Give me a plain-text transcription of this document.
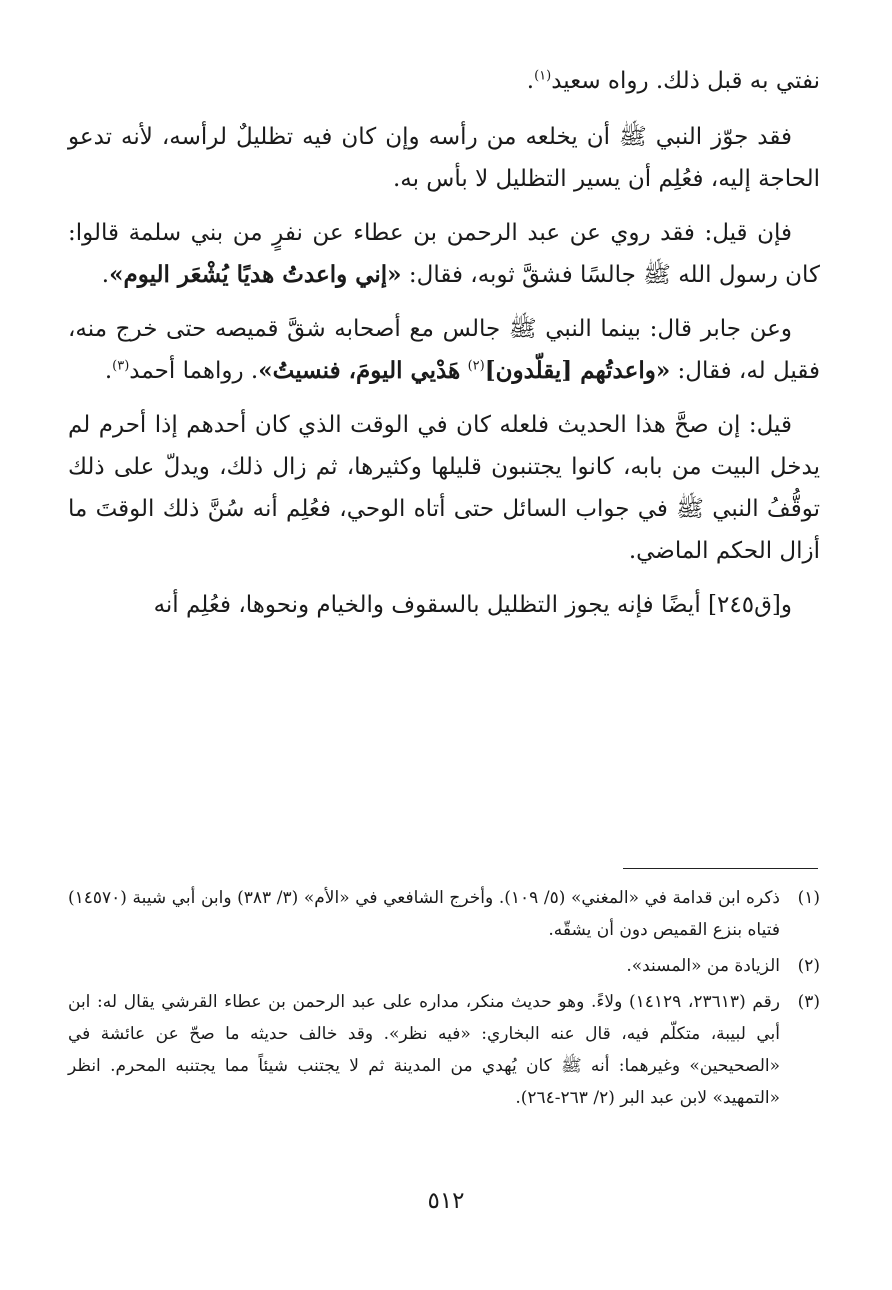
نفتي به قبل ذلك. رواه سعيد$^{(١)}$.

فقد جوّز النبي ﷺ أن يخلعه من رأسه وإن كان فيه تظليلٌ لرأسه، لأنه تدعو الحاجة إليه، فعُلِم أن يسير التظليل لا بأس به.

فإن قيل: فقد روي عن عبد الرحمن بن عطاء عن نفرٍ من بني سلمة قالوا: كان رسول الله ﷺ جالسًا فشقَّ ثوبه، فقال: «إني واعدتُ هديًا يُشْعَر اليوم».

وعن جابر قال: بينما النبي ﷺ جالس مع أصحابه شقَّ قميصه حتى خرج منه، فقيل له، فقال: «واعدتُهم [يقلّدون]$^{(٢)}$ هَدْيي اليومَ، فنسيتُ». رواهما أحمد$^{(٣)}$.

قيل: إن صحَّ هذا الحديث فلعله كان في الوقت الذي كان أحدهم إذا أحرم لم يدخل البيت من بابه، كانوا يجتنبون قليلها وكثيرها، ثم زال ذلك، ويدلّ على ذلك توقُّفُ النبي ﷺ في جواب السائل حتى أتاه الوحي، فعُلِم أنه سُنَّ ذلك الوقتَ ما أزال الحكم الماضي.

و[ق٢٤٥] أيضًا فإنه يجوز التظليل بالسقوف والخيام ونحوها، فعُلِم أنه

(١)
ذكره ابن قدامة في «المغني» (٥/ ١٠٩). وأخرج الشافعي في «الأم» (٣/ ٣٨٣) وابن أبي شيبة (١٤٥٧٠) فتياه بنزع القميص دون أن يشقّه.
(٢)
الزيادة من «المسند».
(٣)
رقم (٢٣٦١٣، ١٤١٢٩) ولاءً. وهو حديث منكر، مداره على عبد الرحمن بن عطاء القرشي يقال له: ابن أبي لبيبة، متكلّم فيه، قال عنه البخاري: «فيه نظر». وقد خالف حديثه ما صحّ عن عائشة في «الصحيحين» وغيرهما: أنه ﷺ كان يُهدي من المدينة ثم لا يجتنب شيئاً مما يجتنبه المحرم. انظر «التمهيد» لابن عبد البر (٢/ ٢٦٣-٢٦٤).
٥١٢
